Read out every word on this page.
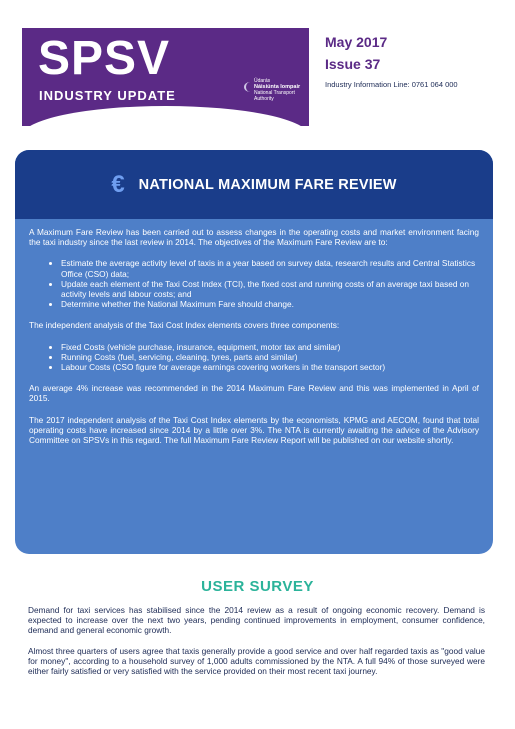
SPSV
INDUSTRY UPDATE
Údarás
Náisiúnta Iompair
National Transport Authority
May 2017
Issue 37
Industry Information Line: 0761 064 000
€ NATIONAL MAXIMUM FARE REVIEW

A Maximum Fare Review has been carried out to assess changes in the operating costs and market environment facing the taxi industry since the last review in 2014. The objectives of the Maximum Fare Review are to:

• Estimate the average activity level of taxis in a year based on survey data, research results and Central Statistics Office (CSO) data;
• Update each element of the Taxi Cost Index (TCI), the fixed cost and running costs of an average taxi based on activity levels and labour costs; and
• Determine whether the National Maximum Fare should change.

The independent analysis of the Taxi Cost Index elements covers three components:

• Fixed Costs (vehicle purchase, insurance, equipment, motor tax and similar)
• Running Costs (fuel, servicing, cleaning, tyres, parts and similar)
• Labour Costs (CSO figure for average earnings covering workers in the transport sector)

An average 4% increase was recommended in the 2014 Maximum Fare Review and this was implemented in April of 2015.

The 2017 independent analysis of the Taxi Cost Index elements by the economists, KPMG and AECOM, found that total operating costs have increased since 2014 by a little over 3%. The NTA is currently awaiting the advice of the Advisory Committee on SPSVs in this regard. The full Maximum Fare Review Report will be published on our website shortly.

USER SURVEY

Demand for taxi services has stabilised since the 2014 review as a result of ongoing economic recovery. Demand is expected to increase over the next two years, pending continued improvements in employment, consumer confidence, demand and general economic growth.

Almost three quarters of users agree that taxis generally provide a good service and over half regarded taxis as "good value for money", according to a household survey of 1,000 adults commissioned by the NTA. A full 94% of those surveyed were either fairly satisfied or very satisfied with the service provided on their most recent taxi journey.
